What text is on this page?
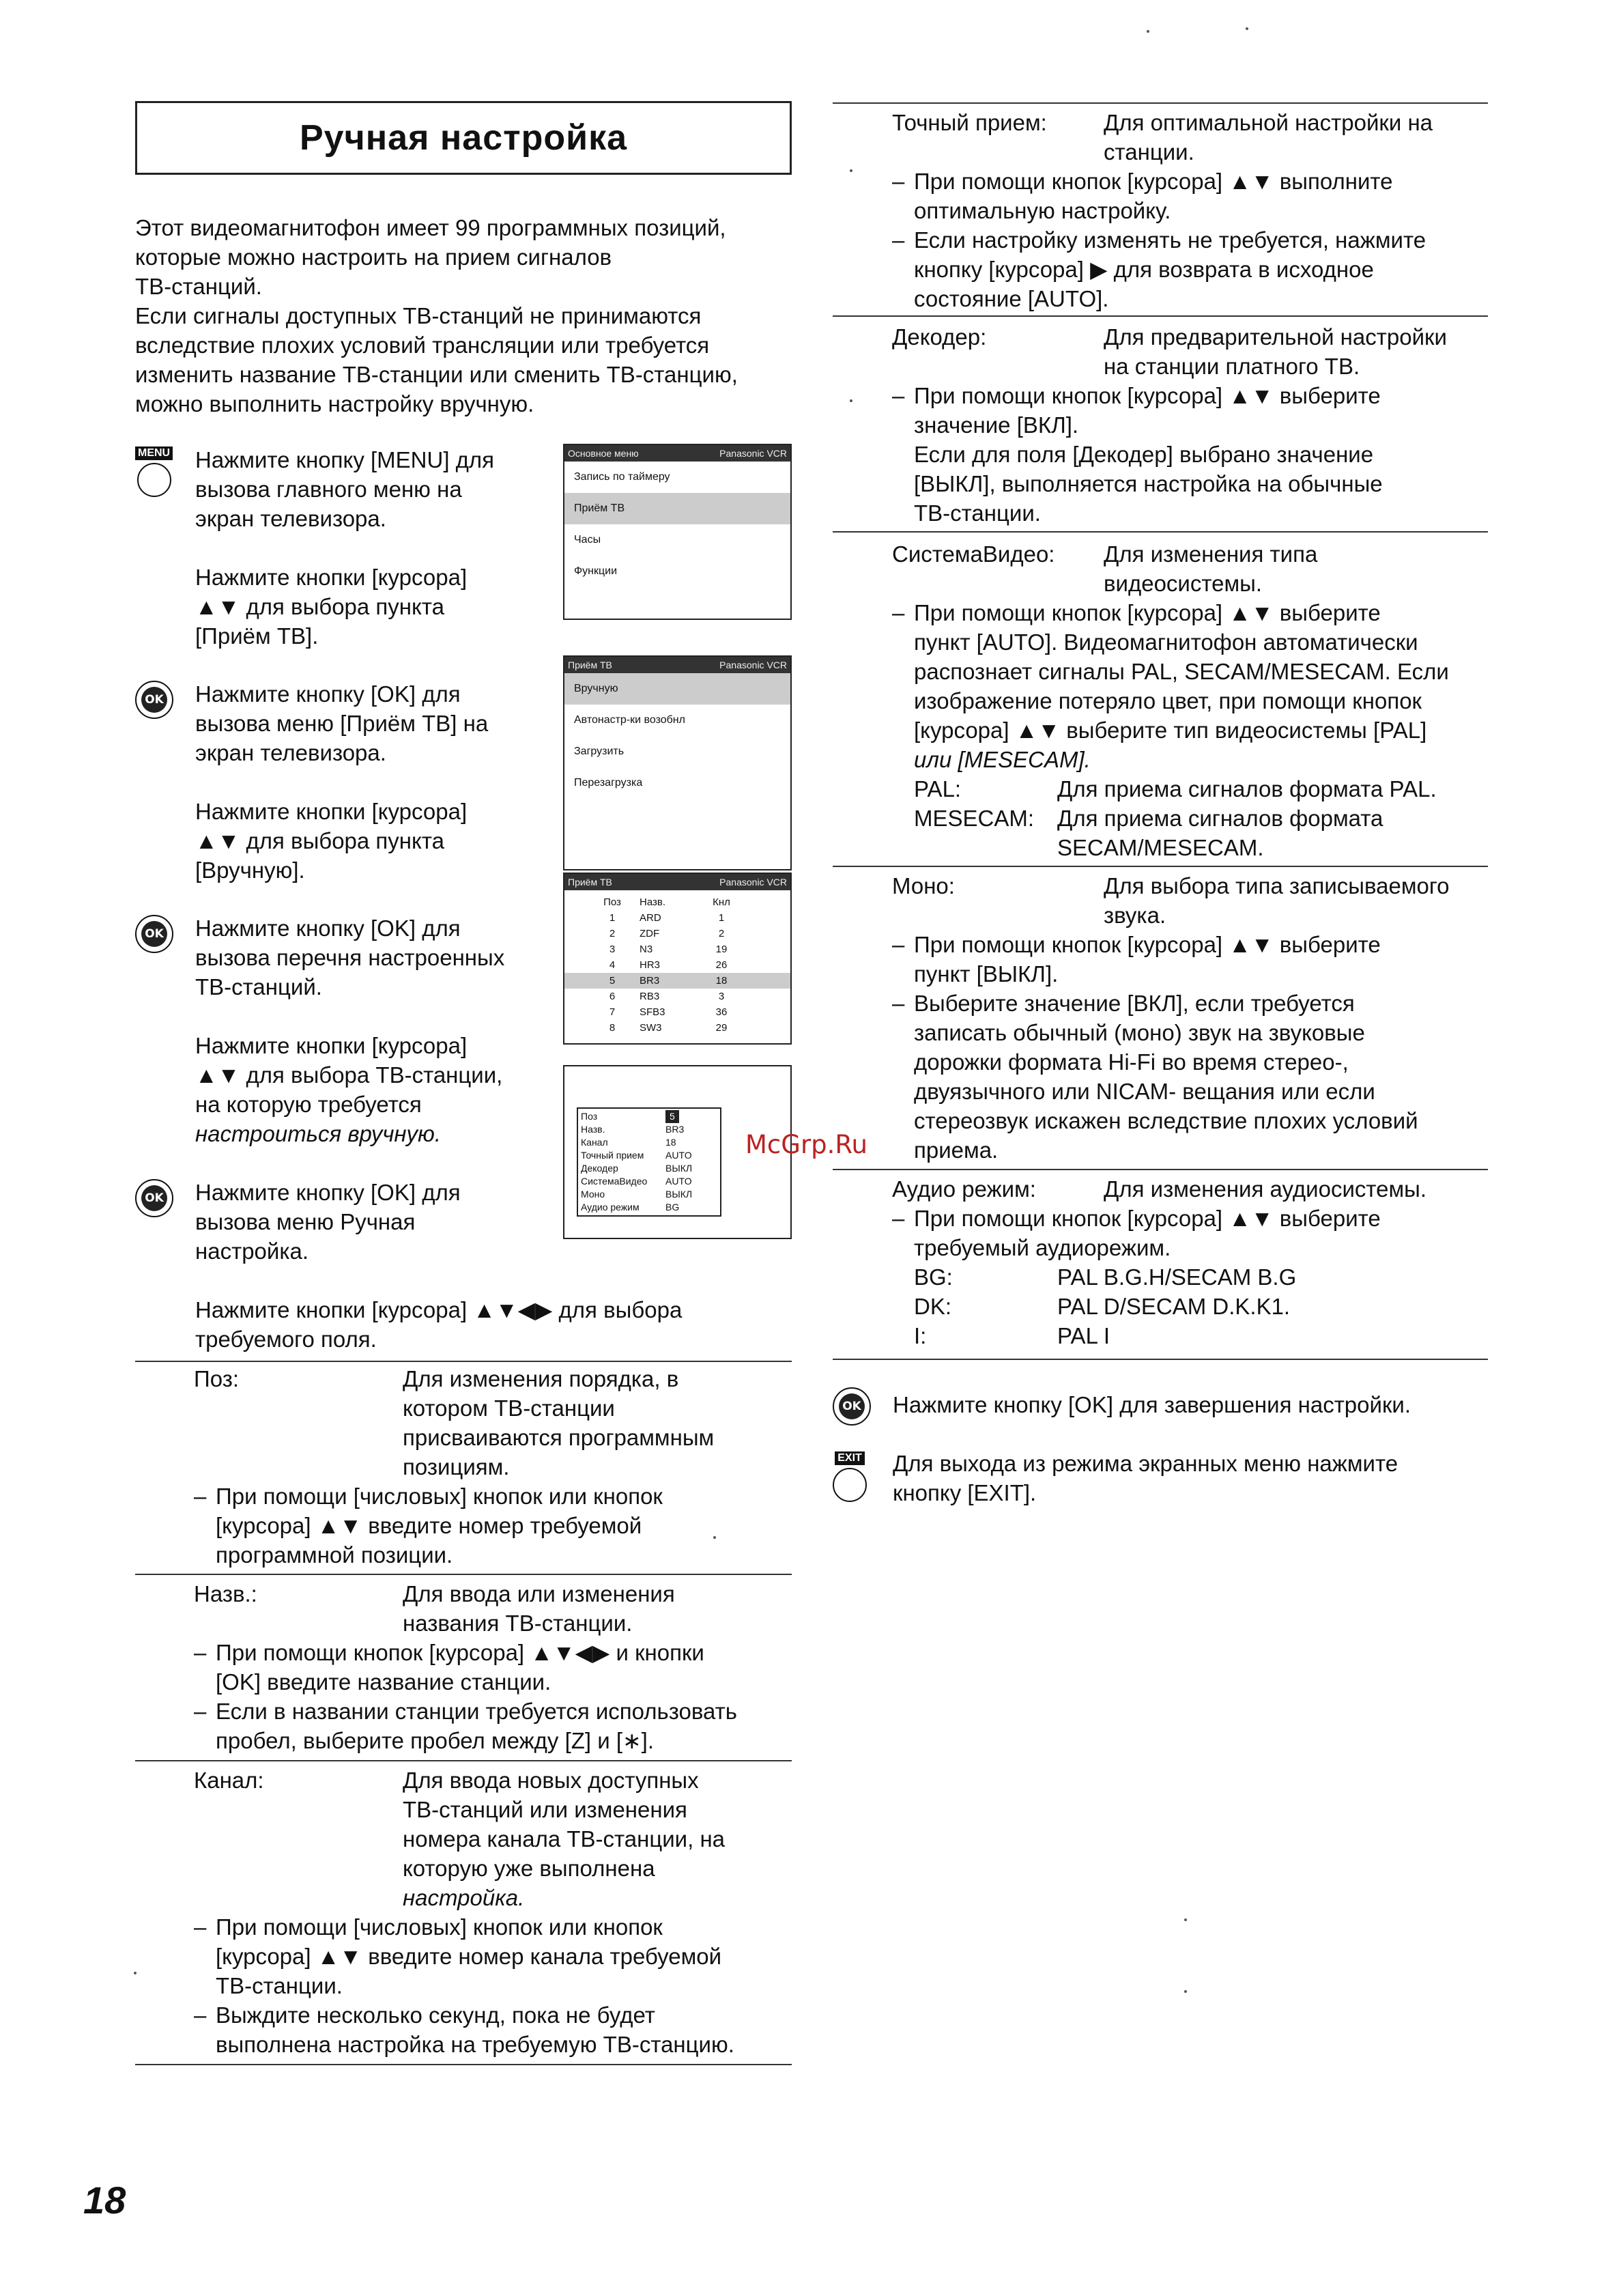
Ручная настройка
Этот видеомагнитофон имеет 99 программных позиций,
которые можно настроить на прием сигналов
ТВ-станций.
Если сигналы доступных ТВ-станций не принимаются
вследствие плохих условий трансляции или требуется
изменить название ТВ-станции или сменить ТВ-станцию,
можно выполнить настройку вручную.
MENU Нажмите кнопку [MENU] для
вызова главного меню на
экран телевизора.
Нажмите кнопки [курсора]
▲▼ для выбора пункта
[Приём ТВ].
Основное меню	Panasonic VCR
Запись по таймеру
Приём ТВ
Часы
Функции
OK Нажмите кнопку [OK] для
вызова меню [Приём ТВ] на
экран телевизора.
Нажмите кнопки [курсора]
▲▼ для выбора пункта
[Вручную].
Приём ТВ	Panasonic VCR
Вручную
Автонастр-ки возобнл
Загрузить
Перезагрузка
OK Нажмите кнопку [OK] для
вызова перечня настроенных
ТВ-станций.
Нажмите кнопки [курсора]
▲▼ для выбора ТВ-станции,
на которую требуется
настроиться вручную.
Приём ТВ	Panasonic VCR
Поз	Назв.	Кнл
1	ARD	1
2	ZDF	2
3	N3	19
4	HR3	26
5	BR3	18
6	RB3	3
7	SFB3	36
8	SW3	29
Поз	5
Назв.	BR3
Канал	18
Точный прием	AUTO
Декодер	ВЫКЛ
СистемаВидео	AUTO
Моно	ВЫКЛ
Аудио режим	BG
OK Нажмите кнопку [OK] для
вызова меню Ручная
настройка.
Нажмите кнопки [курсора] ▲▼◀▶ для выбора
требуемого поля.
Поз:	Для изменения порядка, в
котором ТВ-станции
присваиваются программным
позициям.
– При помощи [числовых] кнопок или кнопок
[курсора] ▲▼ введите номер требуемой
программной позиции.
Назв.:	Для ввода или изменения
названия ТВ-станции.
– При помощи кнопок [курсора] ▲▼◀▶ и кнопки
[OK] введите название станции.
– Если в названии станции требуется использовать
пробел, выберите пробел между [Z] и [∗].
Канал:	Для ввода новых доступных
ТВ-станций или изменения
номера канала ТВ-станции, на
которую уже выполнена
настройка.
– При помощи [числовых] кнопок или кнопок
[курсора] ▲▼ введите номер канала требуемой
ТВ-станции.
– Выждите несколько секунд, пока не будет
выполнена настройка на требуемую ТВ-станцию.
Точный прием:	Для оптимальной настройки на
станции.
– При помощи кнопок [курсора] ▲▼ выполните
оптимальную настройку.
– Если настройку изменять не требуется, нажмите
кнопку [курсора] ▶ для возврата в исходное
состояние [AUTO].
Декодер:	Для предварительной настройки
на станции платного ТВ.
– При помощи кнопок [курсора] ▲▼ выберите
значение [ВКЛ].
Если для поля [Декодер] выбрано значение
[ВЫКЛ], выполняется настройка на обычные
ТВ-станции.
СистемаВидео: Для изменения типа
видеосистемы.
– При помощи кнопок [курсора] ▲▼ выберите
пункт [AUTO]. Видеомагнитофон автоматически
распознает сигналы PAL, SECAM/MESECAM. Если
изображение потеряло цвет, при помощи кнопок
[курсора] ▲▼ выберите тип видеосистемы [PAL]
или [MESECAM].
PAL:	Для приема сигналов формата PAL.
MESECAM:	Для приема сигналов формата
SECAM/MESECAM.
Моно:	Для выбора типа записываемого
звука.
– При помощи кнопок [курсора] ▲▼ выберите
пункт [ВЫКЛ].
– Выберите значение [ВКЛ], если требуется
записать обычный (моно) звук на звуковые
дорожки формата Hi-Fi во время стерео-,
двуязычного или NICAM- вещания или если
стереозвук искажен вследствие плохих условий
приема.
Аудио режим:	Для изменения аудиосистемы.
– При помощи кнопок [курсора] ▲▼ выберите
требуемый аудиорежим.
BG:	PAL B.G.H/SECAM B.G
DK:	PAL D/SECAM D.K.K1.
I:	PAL I
OK Нажмите кнопку [OK] для завершения настройки.
EXIT Для выхода из режима экранных меню нажмите
кнопку [EXIT].
McGrp.Ru
18
